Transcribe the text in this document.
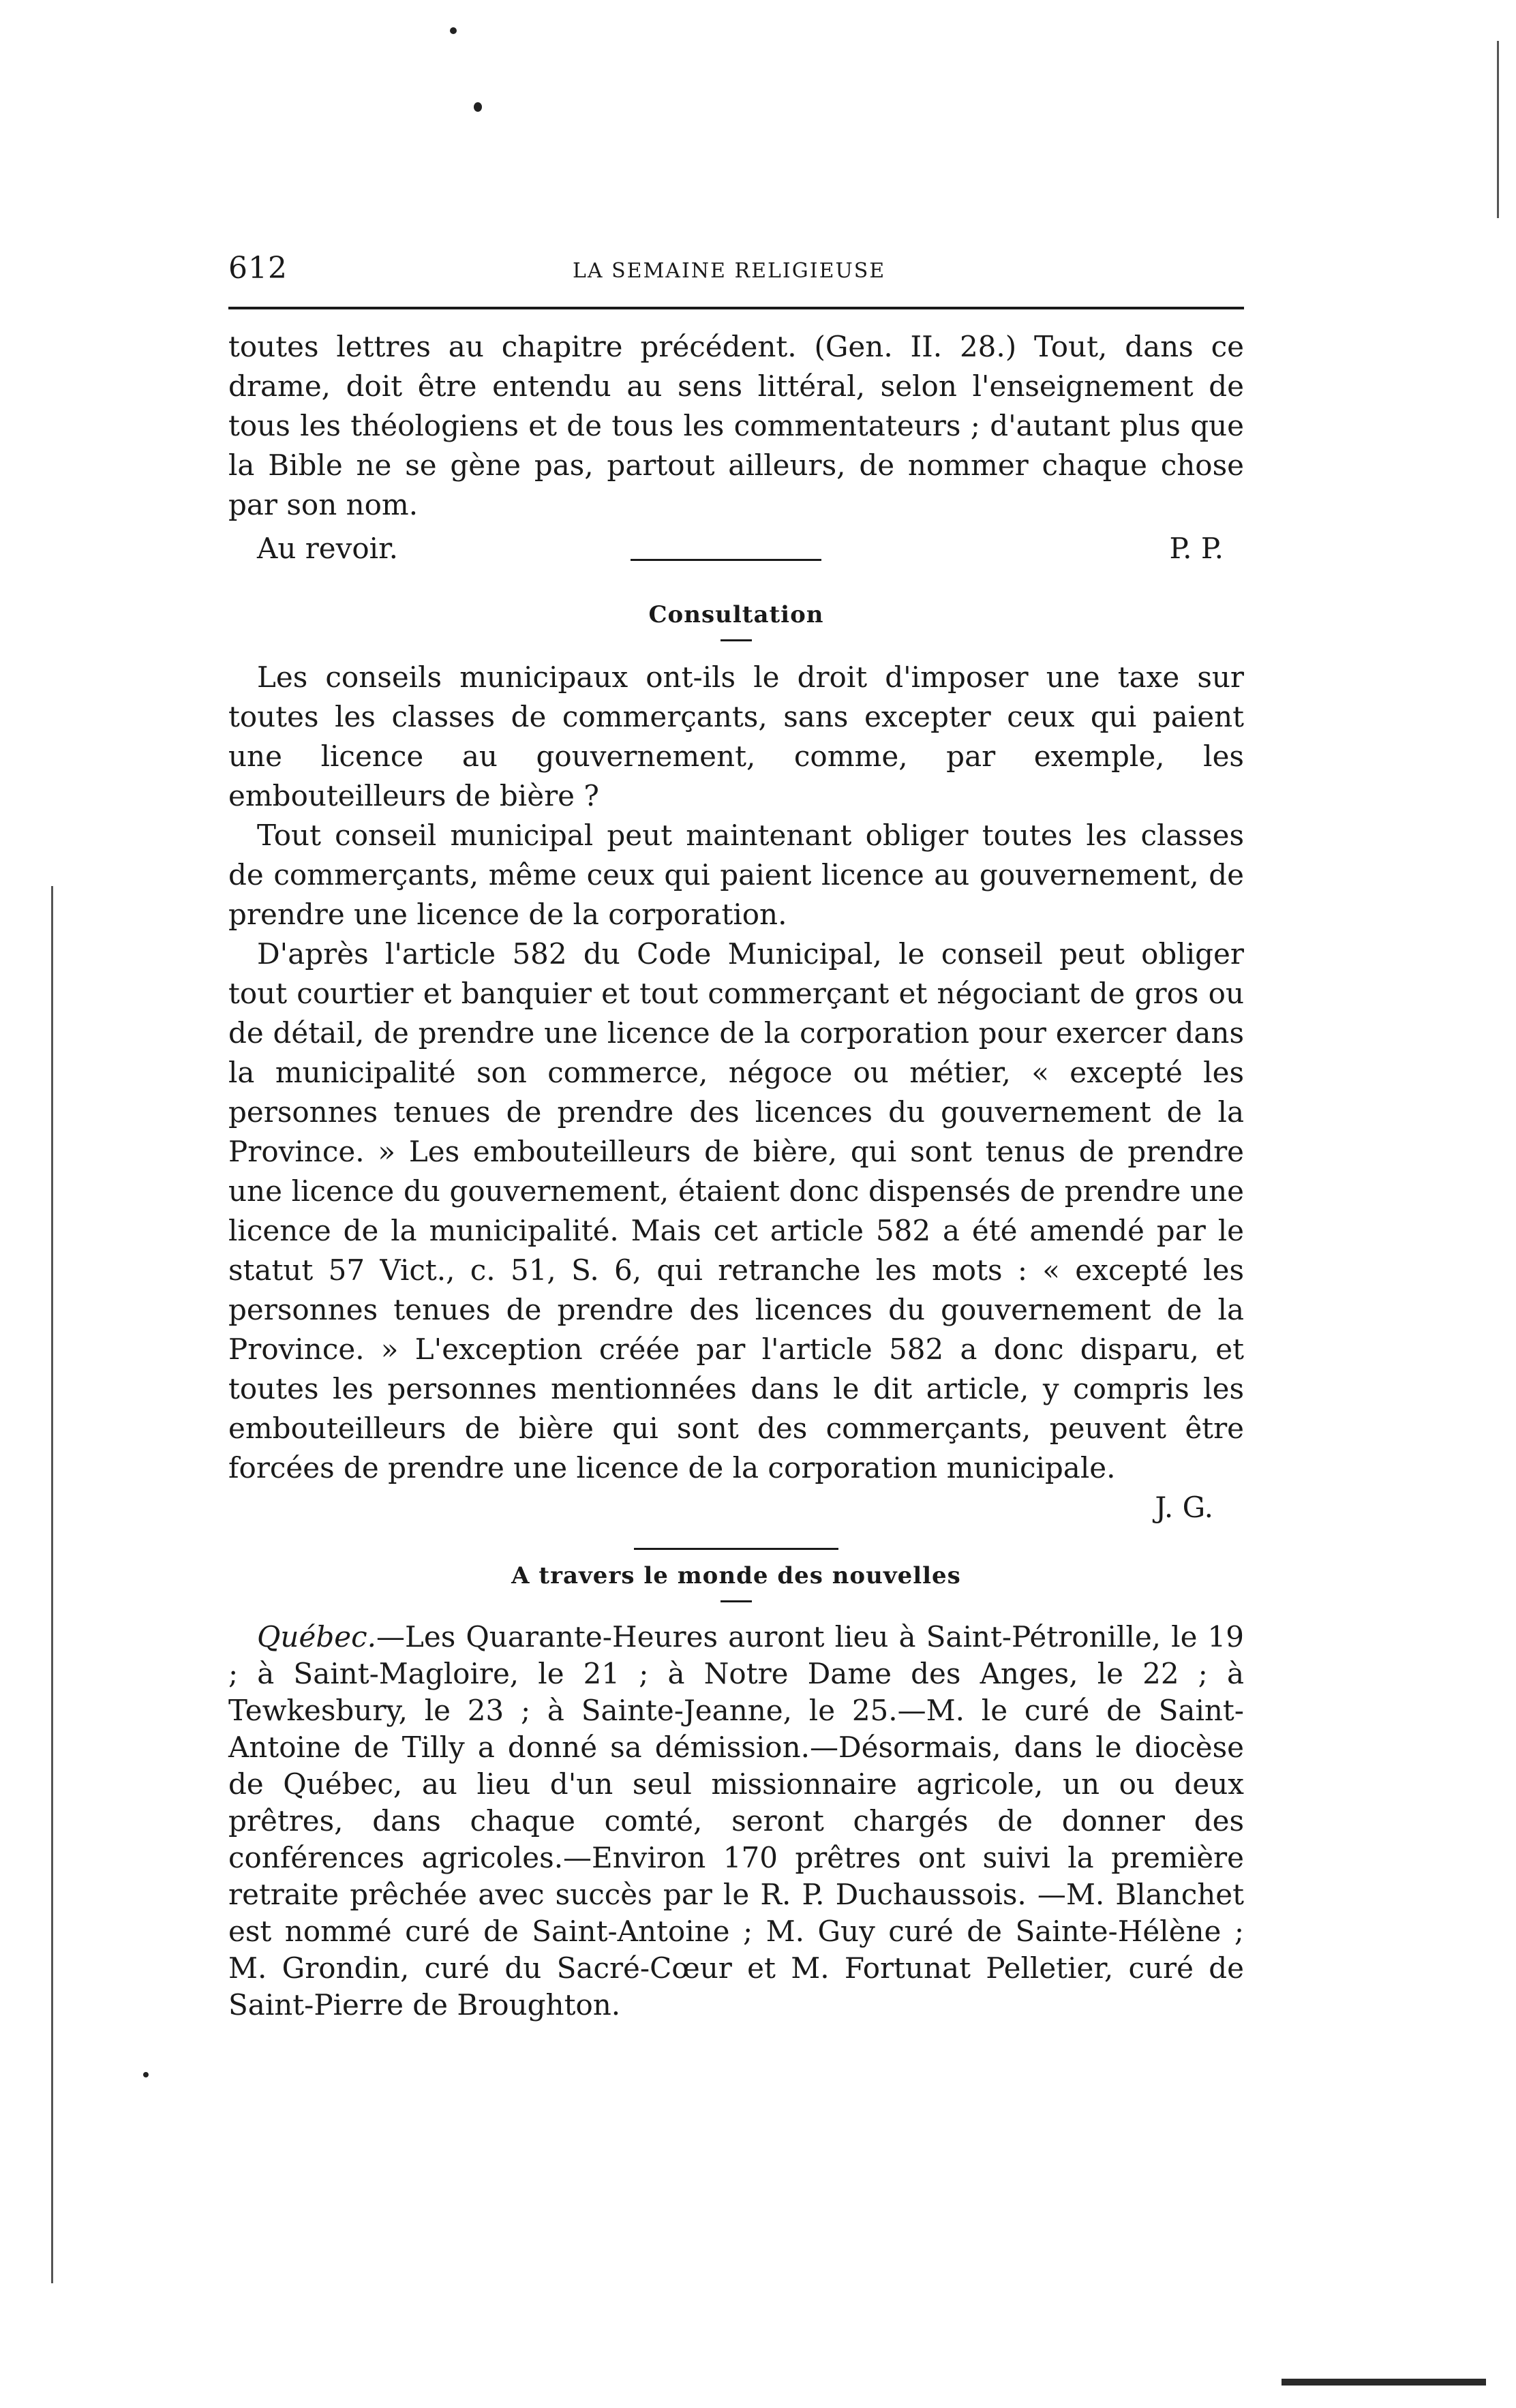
612	LA SEMAINE RELIGIEUSE

toutes lettres au chapitre précédent. (Gen. II. 28.) Tout, dans ce drame, doit être entendu au sens littéral, selon l'enseignement de tous les théologiens et de tous les commentateurs ; d'autant plus que la Bible ne se gène pas, partout ailleurs, de nommer chaque chose par son nom.

Au revoir.	P. P.
Consultation

Les conseils municipaux ont-ils le droit d'imposer une taxe sur toutes les classes de commerçants, sans excepter ceux qui paient une licence au gouvernement, comme, par exemple, les embouteilleurs de bière ?

Tout conseil municipal peut maintenant obliger toutes les classes de commerçants, même ceux qui paient licence au gouvernement, de prendre une licence de la corporation.

D'après l'article 582 du Code Municipal, le conseil peut obliger tout courtier et banquier et tout commerçant et négociant de gros ou de détail, de prendre une licence de la corporation pour exercer dans la municipalité son commerce, négoce ou métier, « excepté les personnes tenues de prendre des licences du gouvernement de la Province. » Les embouteilleurs de bière, qui sont tenus de prendre une licence du gouvernement, étaient donc dispensés de prendre une licence de la municipalité. Mais cet article 582 a été amendé par le statut 57 Vict., c. 51, S. 6, qui retranche les mots : « excepté les personnes tenues de prendre des licences du gouvernement de la Province. » L'exception créée par l'article 582 a donc disparu, et toutes les personnes mentionnées dans le dit article, y compris les embouteilleurs de bière qui sont des commerçants, peuvent être forcées de prendre une licence de la corporation municipale.

J. G.

A travers le monde des nouvelles

Québec.—Les Quarante-Heures auront lieu à Saint-Pétronille, le 19 ; à Saint-Magloire, le 21 ; à Notre Dame des Anges, le 22 ; à Tewkesbury, le 23 ; à Sainte-Jeanne, le 25.—M. le curé de Saint-Antoine de Tilly a donné sa démission.—Désormais, dans le diocèse de Québec, au lieu d'un seul missionnaire agricole, un ou deux prêtres, dans chaque comté, seront chargés de donner des conférences agricoles.—Environ 170 prêtres ont suivi la première retraite prêchée avec succès par le R. P. Duchaussois. —M. Blanchet est nommé curé de Saint-Antoine ; M. Guy curé de Sainte-Hélène ; M. Grondin, curé du Sacré-Cœur et M. Fortunat Pelletier, curé de Saint-Pierre de Broughton.
